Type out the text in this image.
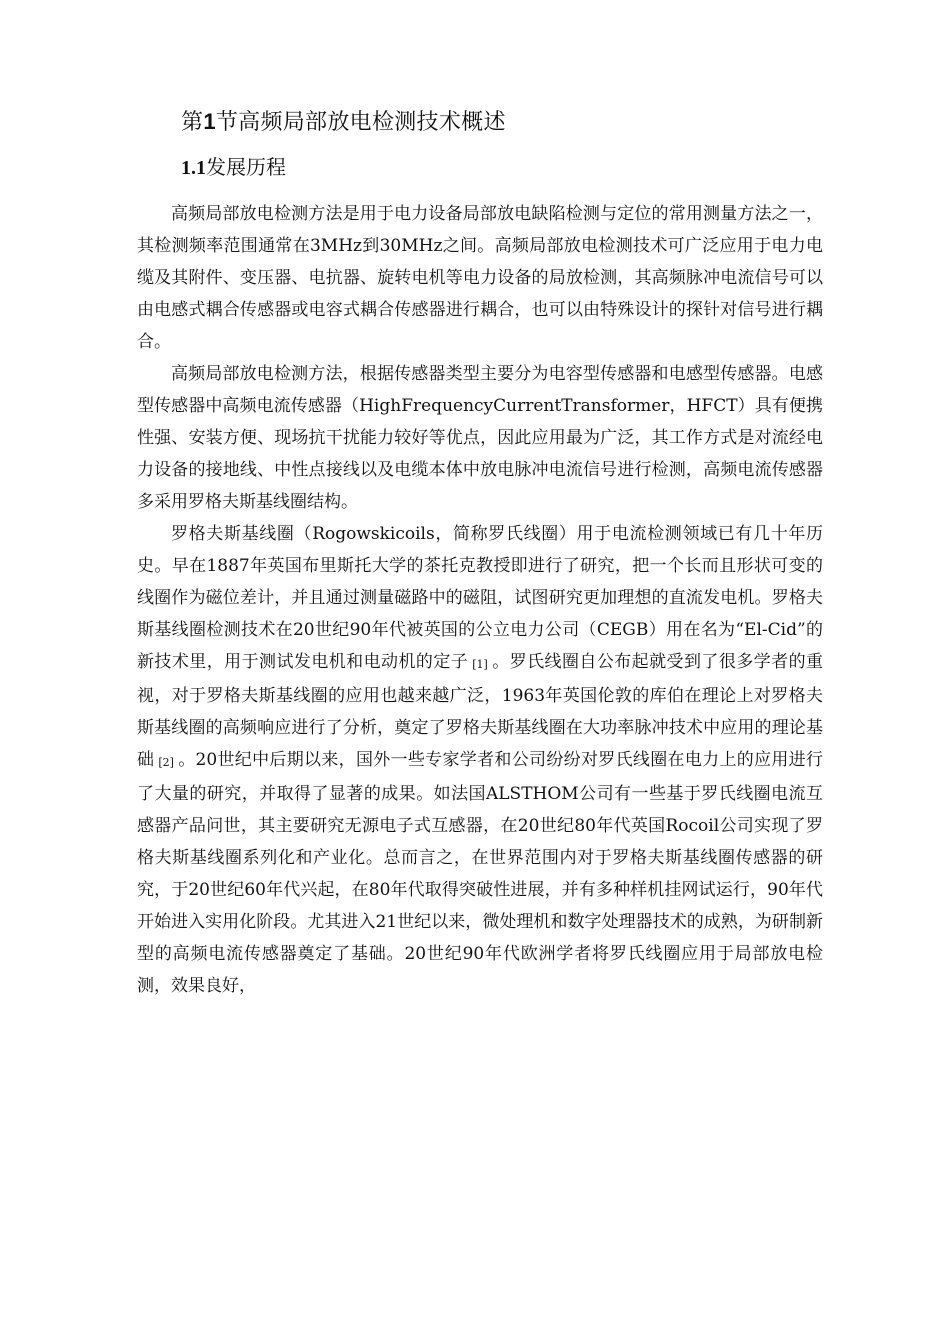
第1节高频局部放电检测技术概述
1.1发展历程

高频局部放电检测方法是用于电力设备局部放电缺陷检测与定位的常用测量方法之一，其检测频率范围通常在3MHz到30MHz之间。高频局部放电检测技术可广泛应用于电力电缆及其附件、变压器、电抗器、旋转电机等电力设备的局放检测，其高频脉冲电流信号可以由电感式耦合传感器或电容式耦合传感器进行耦合，也可以由特殊设计的探针对信号进行耦合。

高频局部放电检测方法，根据传感器类型主要分为电容型传感器和电感型传感器。电感型传感器中高频电流传感器（HighFrequencyCurrentTransformer，HFCT）具有便携性强、安装方便、现场抗干扰能力较好等优点，因此应用最为广泛，其工作方式是对流经电力设备的接地线、中性点接线以及电缆本体中放电脉冲电流信号进行检测，高频电流传感器多采用罗格夫斯基线圈结构。

罗格夫斯基线圈（Rogowskicoils，简称罗氏线圈）用于电流检测领域已有几十年历史。早在1887年英国布里斯托大学的茶托克教授即进行了研究，把一个长而且形状可变的线圈作为磁位差计，并且通过测量磁路中的磁阻，试图研究更加理想的直流发电机。罗格夫斯基线圈检测技术在20世纪90年代被英国的公立电力公司（CEGB）用在名为“El-Cid”的新技术里，用于测试发电机和电动机的定子 [1] 。罗氏线圈自公布起就受到了很多学者的重视，对于罗格夫斯基线圈的应用也越来越广泛，1963年英国伦敦的库伯在理论上对罗格夫斯基线圈的高频响应进行了分析，奠定了罗格夫斯基线圈在大功率脉冲技术中应用的理论基础 [2] 。20世纪中后期以来，国外一些专家学者和公司纷纷对罗氏线圈在电力上的应用进行了大量的研究，并取得了显著的成果。如法国ALSTHOM公司有一些基于罗氏线圈电流互感器产品问世，其主要研究无源电子式互感器，在20世纪80年代英国Rocoil公司实现了罗格夫斯基线圈系列化和产业化。总而言之，在世界范围内对于罗格夫斯基线圈传感器的研究，于20世纪60年代兴起，在80年代取得突破性进展，并有多种样机挂网试运行，90年代开始进入实用化阶段。尤其进入21世纪以来，微处理机和数字处理器技术的成熟，为研制新型的高频电流传感器奠定了基础。20世纪90年代欧洲学者将罗氏线圈应用于局部放电检测，效果良好，
